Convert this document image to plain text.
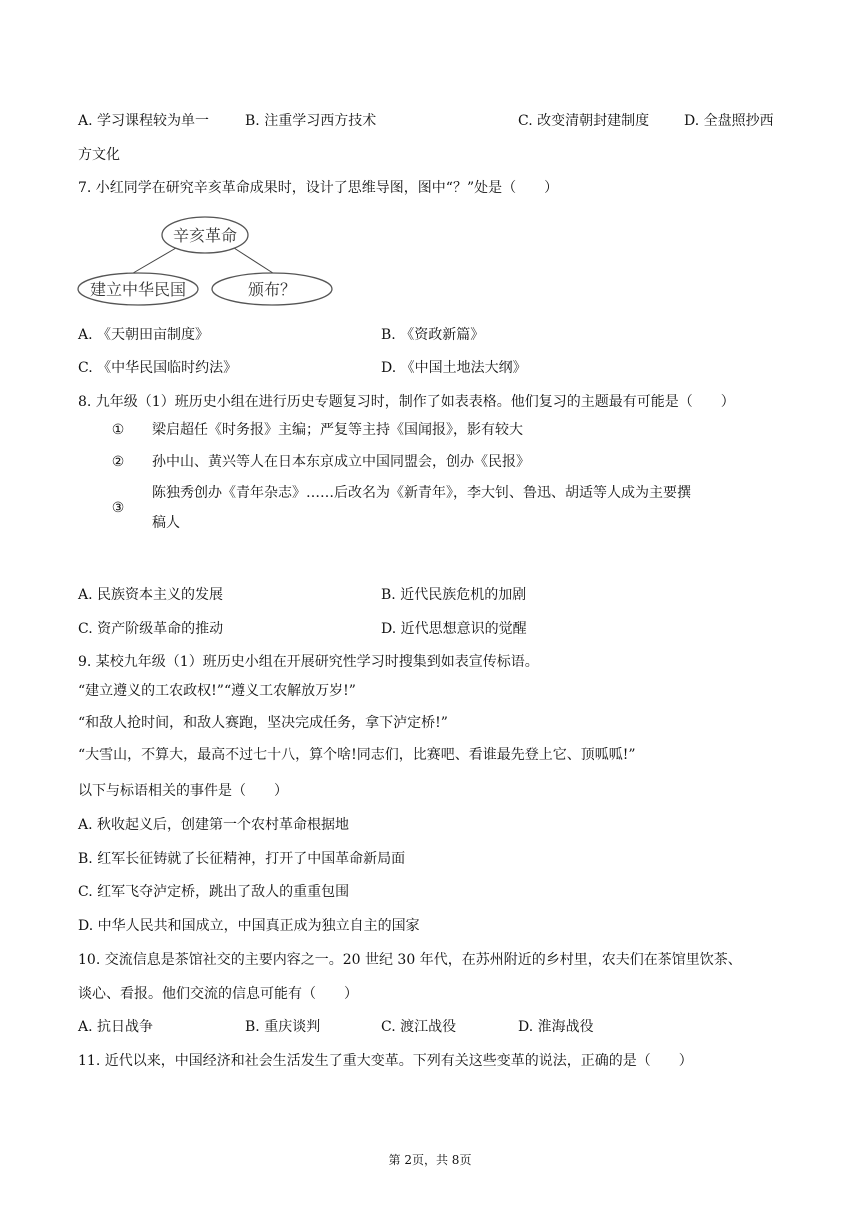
A. 学习课程较为单一	B. 注重学习西方技术	C. 改变清朝封建制度 D. 全盘照抄西
方文化
7. 小红同学在研究辛亥革命成果时，设计了思维导图，图中“？”处是（　　）
辛亥革命
建立中华民国	颁布？
A. 《天朝田亩制度》	B. 《资政新篇》
C. 《中华民国临时约法》	D. 《中国土地法大纲》
8. 九年级（1）班历史小组在进行历史专题复习时，制作了如表表格。他们复习的主题最有可能是（　　）
① 梁启超任《时务报》主编；严复等主持《国闻报》，影有较大
② 孙中山、黄兴等人在日本东京成立中国同盟会，创办《民报》
③
陈独秀创办《青年杂志》……后改名为《新青年》，李大钊、鲁迅、胡适等人成为主要撰
稿人
A. 民族资本主义的发展	B. 近代民族危机的加剧
C. 资产阶级革命的推动	D. 近代思想意识的觉醒
9. 某校九年级（1）班历史小组在开展研究性学习时搜集到如表宣传标语。
“建立遵义的工农政权!”“遵义工农解放万岁!”
“和敌人抢时间，和敌人赛跑，坚决完成任务，拿下泸定桥!”
“大雪山，不算大，最高不过七十八，算个啥!同志们，比赛吧、看谁最先登上它、顶呱呱!”
以下与标语相关的事件是（　　）
A. 秋收起义后，创建第一个农村革命根据地
B. 红军长征铸就了长征精神，打开了中国革命新局面
C. 红军飞夺泸定桥，跳出了敌人的重重包围
D. 中华人民共和国成立，中国真正成为独立自主的国家
10. 交流信息是茶馆社交的主要内容之一。20 世纪 30 年代，在苏州附近的乡村里，农夫们在茶馆里饮茶、
谈心、看报。他们交流的信息可能有（　　）
A. 抗日战争	B. 重庆谈判	C. 渡江战役	D. 淮海战役
11. 近代以来，中国经济和社会生活发生了重大变革。下列有关这些变革的说法，正确的是（　　）
第 2页，共 8页
